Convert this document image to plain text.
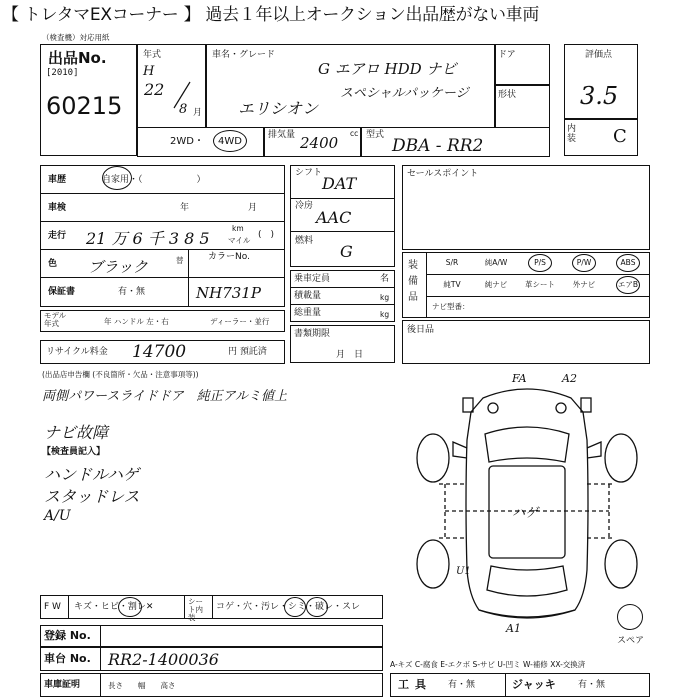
【 トレタマEXコーナー 】 過去１年以上オークション出品歴がない車両
（検査機）対応用紙
出品No.
[2010]
60215
年式
H
22
8 月
車名・グレード
G エアロ HDD ナビ
スペシャルパッケージ
エリシオン
ドア
形状
2WD・ 4WD
排気量 2400
cc 型式
DBA - RR2
評価点
3.5
内装 C
車歴	自家用・（　　　　　　）
車検	年	月
走行 21 万 6 千 3 8 5
km
マイル
(　)
色 ブラック	替	カラーNo.
保証書	有・無	NH731P
モデル年式	年 ハンドル 左・右	ディーラー・並行
リサイクル料金 14700	円 預託済
(出品店申告欄 (不良箇所・欠品・注意事項等))
両側パワースライドドア　純正アルミ値上
ナビ故障
【検査員記入】
ハンドルハゲ
スタッドレス
A/U
シフト
DAT
冷房
AAC
燃料
G
乗車定員	名
積載量	kg
総重量	kg
書類期限
月　日
セールスポイント
装備品
S/R	純A/W	P/S	P/W	ABS
純TV	純ナビ	革シート	外ナビ	エアB
ナビ型番：
後日品
FA	A2
ハゲ
U1
A1
スペア
F W キズ・ヒビ・割レ✕
シート内装
コゲ・穴・汚レ・シミ・破レ・スレ
登録 No.
車台 No. RR2-1400036
車庫証明	長さ　　幅　　高さ
A-キズ C-腐食 E-エクボ S-サビ U-凹ミ W-補修 XX-交換済
工具 有・無	ジャッキ 有・無
